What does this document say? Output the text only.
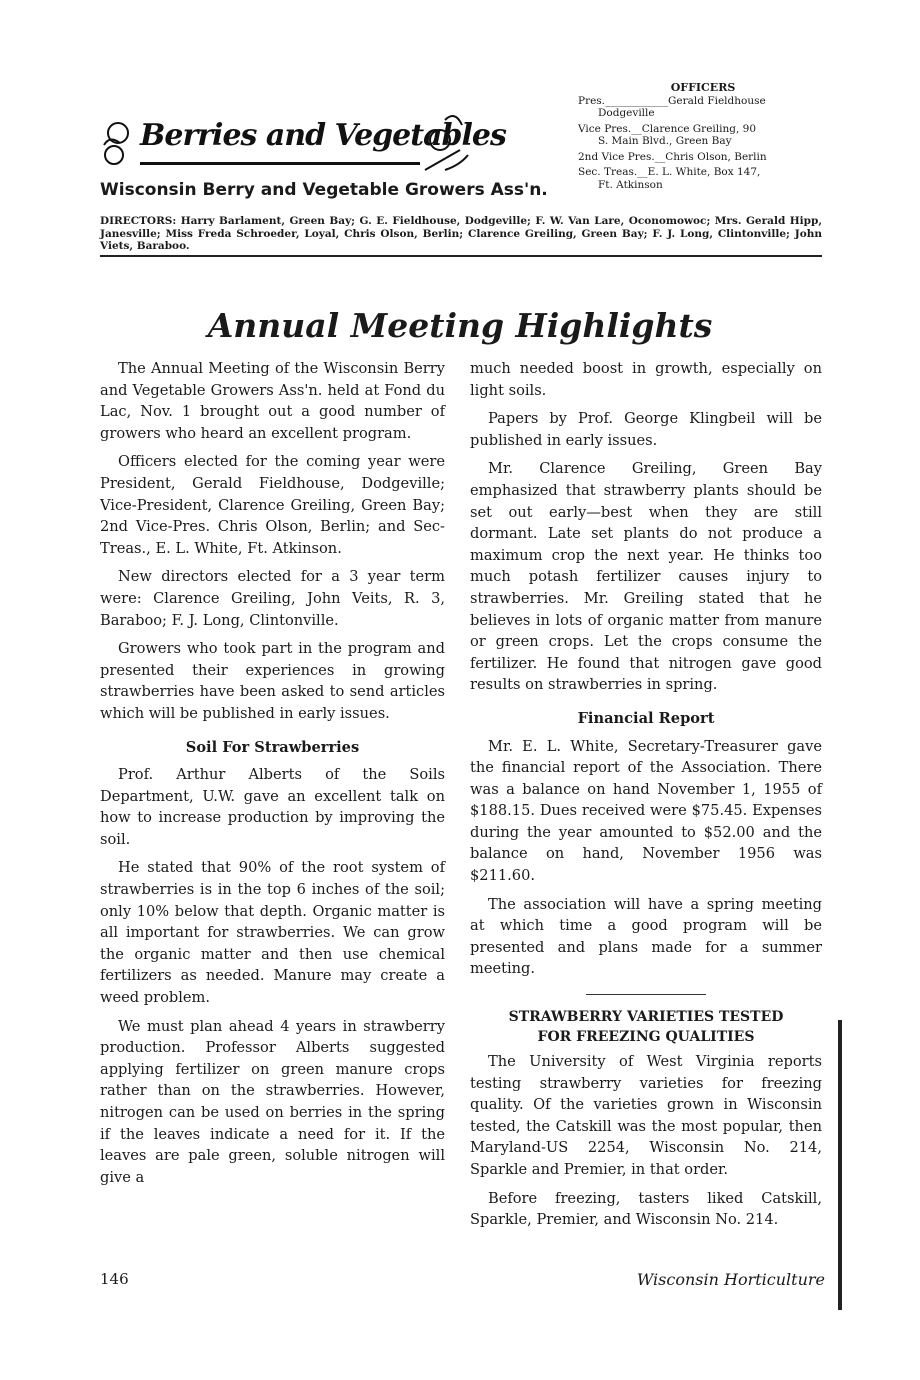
Berries and Vegetables
Wisconsin Berry and Vegetable Growers Ass'n.
OFFICERS

Pres.____________Gerald Fieldhouse
Dodgeville

Vice Pres.__Clarence Greiling, 90
S. Main Blvd., Green Bay

2nd Vice Pres.__Chris Olson, Berlin

Sec. Treas.__E. L. White, Box 147,
Ft. Atkinson

DIRECTORS: Harry Barlament, Green Bay; G. E. Fieldhouse, Dodgeville; F. W. Van Lare, Oconomowoc; Mrs. Gerald Hipp, Janesville; Miss Freda Schroeder, Loyal, Chris Olson, Berlin; Clarence Greiling, Green Bay; F. J. Long, Clintonville; John Viets, Baraboo.
Annual Meeting Highlights

The Annual Meeting of the Wisconsin Berry and Vegetable Growers Ass'n. held at Fond du Lac, Nov. 1 brought out a good number of growers who heard an excellent program.

Officers elected for the coming year were President, Gerald Fieldhouse, Dodgeville; Vice-President, Clarence Greiling, Green Bay; 2nd Vice-Pres. Chris Olson, Berlin; and Sec-Treas., E. L. White, Ft. Atkinson.

New directors elected for a 3 year term were: Clarence Greiling, John Veits, R. 3, Baraboo; F. J. Long, Clintonville.

Growers who took part in the program and presented their experiences in growing strawberries have been asked to send articles which will be published in early issues.

Soil For Strawberries

Prof. Arthur Alberts of the Soils Department, U.W. gave an excellent talk on how to increase production by improving the soil.

He stated that 90% of the root system of strawberries is in the top 6 inches of the soil; only 10% below that depth. Organic matter is all important for strawberries. We can grow the organic matter and then use chemical fertilizers as needed. Manure may create a weed problem.

We must plan ahead 4 years in strawberry production. Professor Alberts suggested applying fertilizer on green manure crops rather than on the strawberries. However, nitrogen can be used on berries in the spring if the leaves indicate a need for it. If the leaves are pale green, soluble nitrogen will give a

much needed boost in growth, especially on light soils.

Papers by Prof. George Klingbeil will be published in early issues.

Mr. Clarence Greiling, Green Bay emphasized that strawberry plants should be set out early—best when they are still dormant. Late set plants do not produce a maximum crop the next year. He thinks too much potash fertilizer causes injury to strawberries. Mr. Greiling stated that he believes in lots of organic matter from manure or green crops. Let the crops consume the fertilizer. He found that nitrogen gave good results on strawberries in spring.

Financial Report

Mr. E. L. White, Secretary-Treasurer gave the financial report of the Association. There was a balance on hand November 1, 1955 of $188.15. Dues received were $75.45. Expenses during the year amounted to $52.00 and the balance on hand, November 1956 was $211.60.

The association will have a spring meeting at which time a good program will be presented and plans made for a summer meeting.

STRAWBERRY VARIETIES TESTED
FOR FREEZING QUALITIES

The University of West Virginia reports testing strawberry varieties for freezing quality. Of the varieties grown in Wisconsin tested, the Catskill was the most popular, then Maryland-US 2254, Wisconsin No. 214, Sparkle and Premier, in that order.

Before freezing, tasters liked Catskill, Sparkle, Premier, and Wisconsin No. 214.

146	Wisconsin Horticulture
